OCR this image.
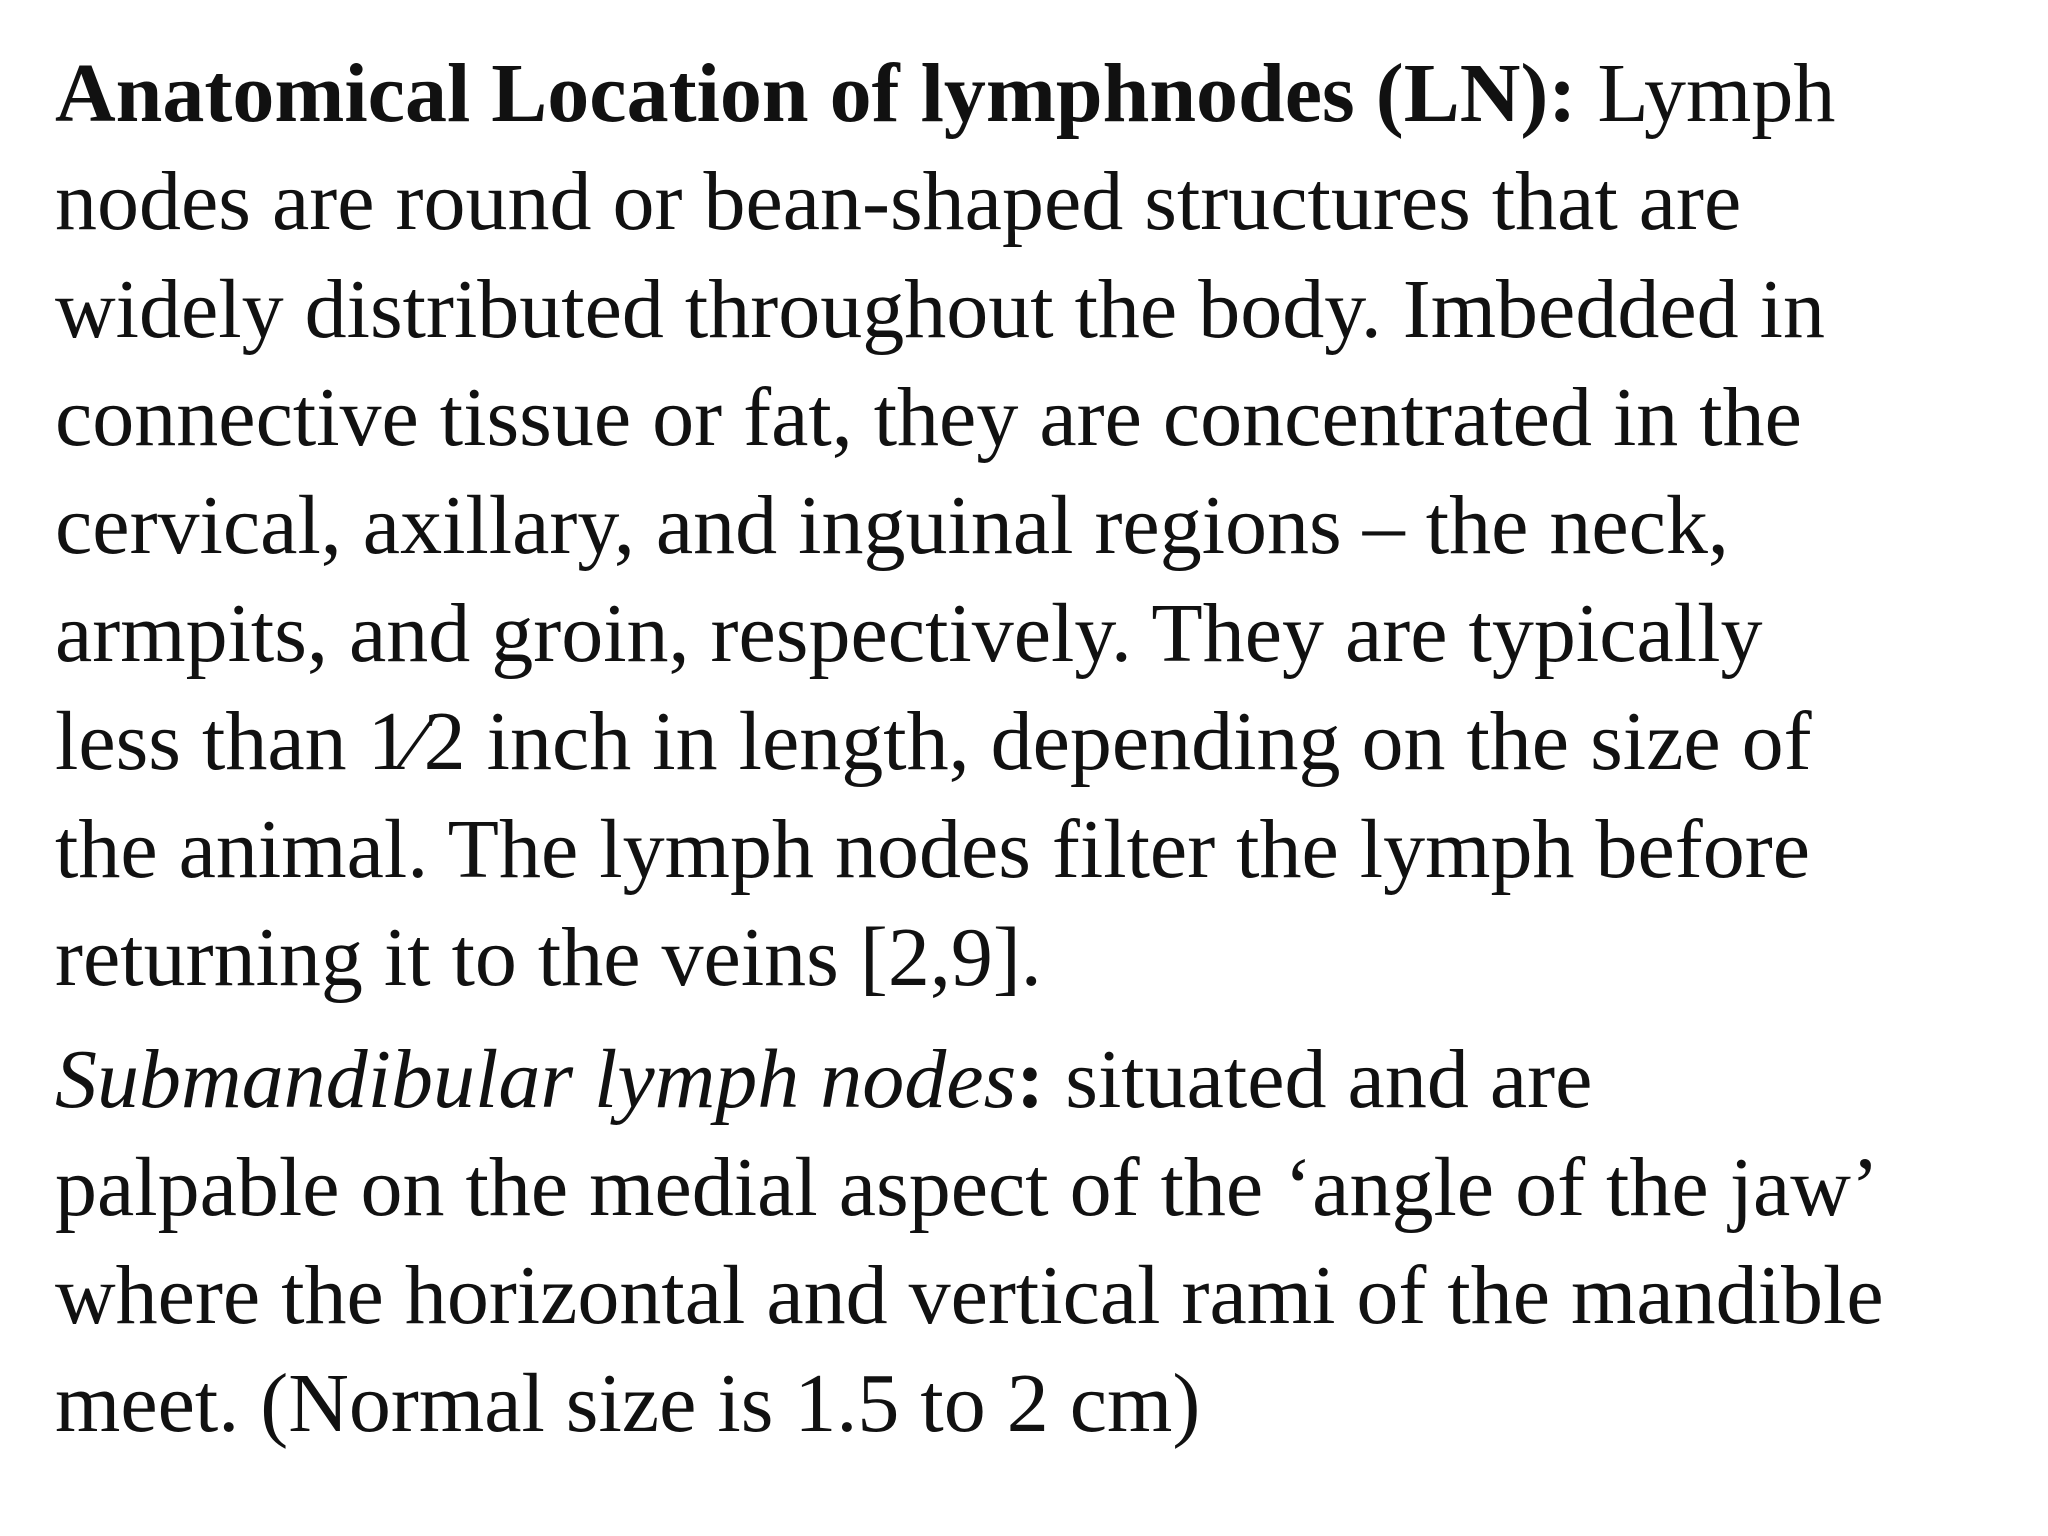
Anatomical Location of lymphnodes (LN): Lymph
nodes are round or bean-shaped structures that are
widely distributed throughout the body. Imbedded in
connective tissue or fat, they are concentrated in the
cervical, axillary, and inguinal regions – the neck,
armpits, and groin, respectively. They are typically
less than 1⁄2 inch in length, depending on the size of
the animal. The lymph nodes filter the lymph before
returning it to the veins [2,9].

Submandibular lymph nodes: situated and are
palpable on the medial aspect of the ‘angle of the jaw’
where the horizontal and vertical rami of the mandible
meet. (Normal size is 1.5 to 2 cm)
